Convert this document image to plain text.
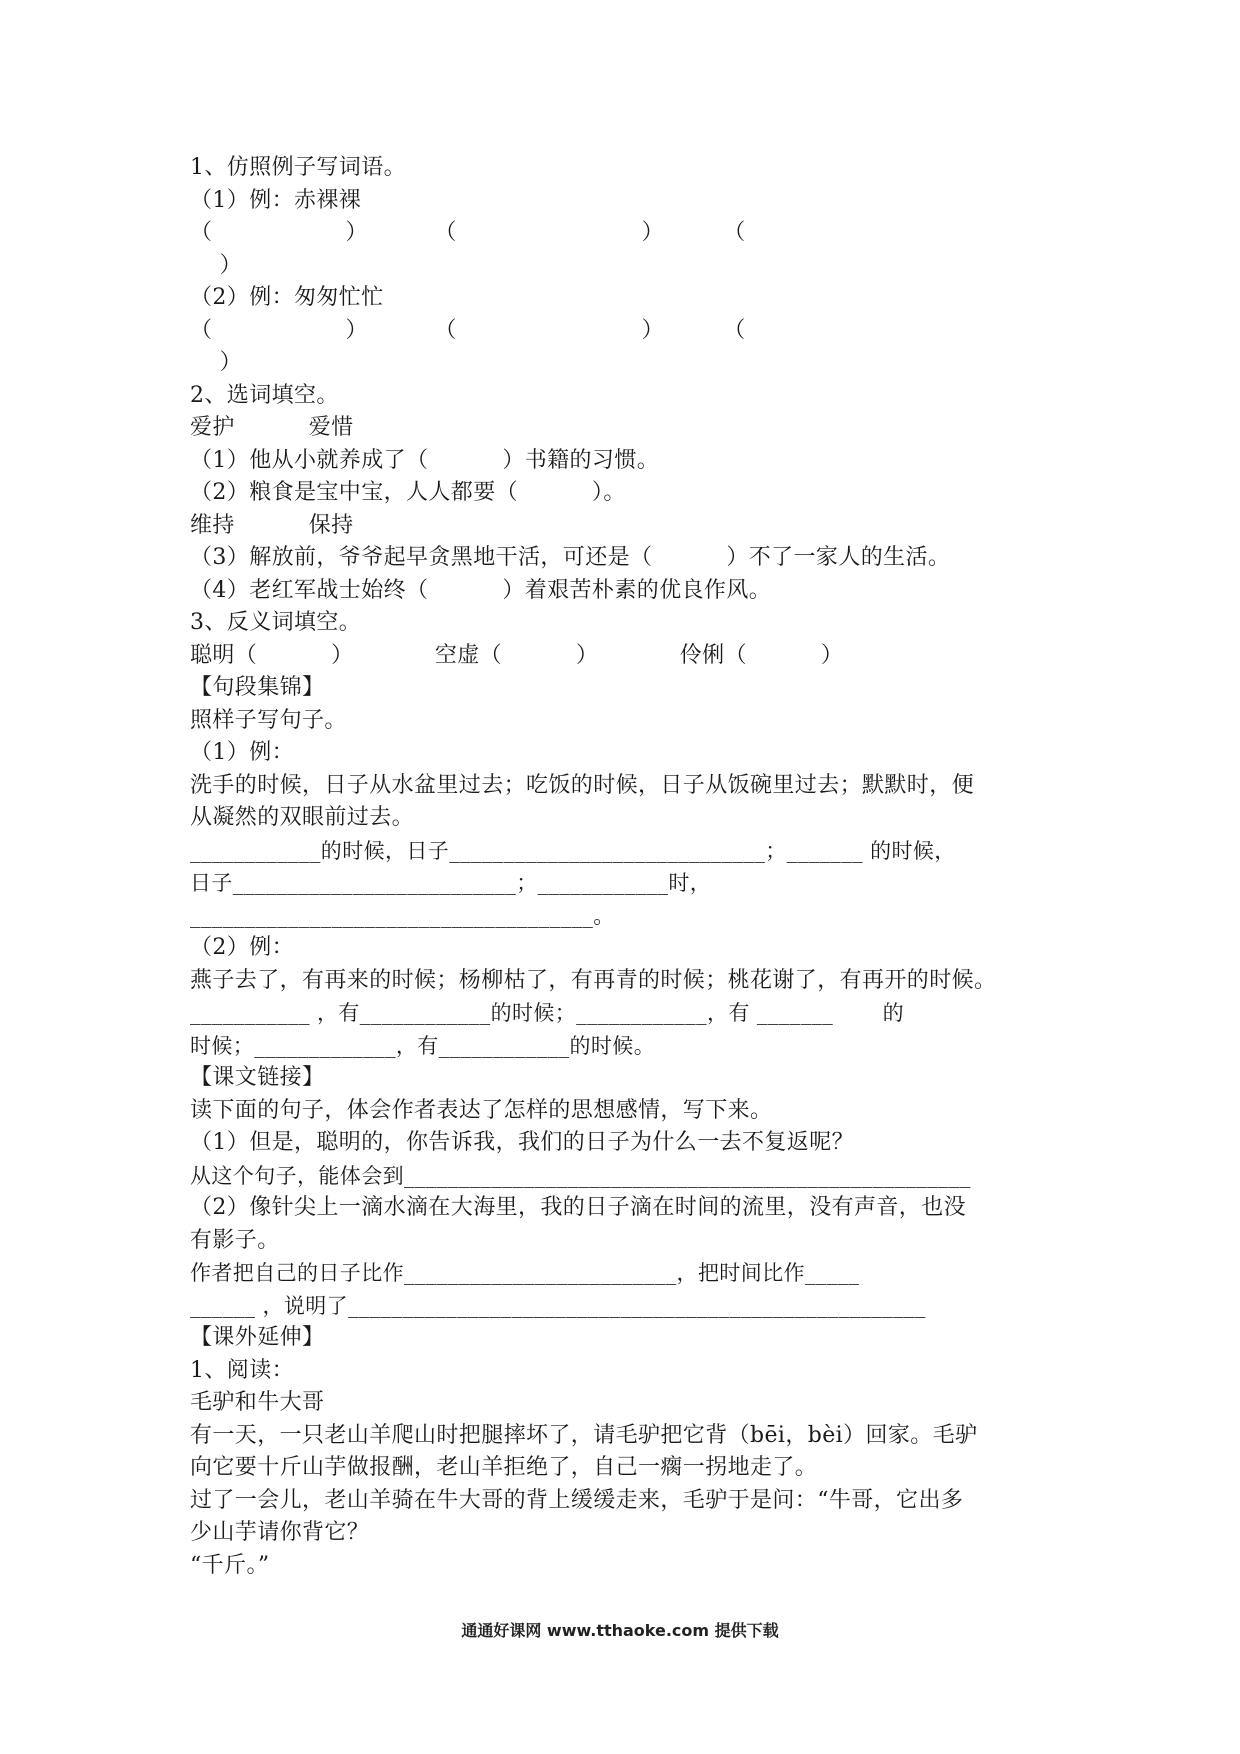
1、仿照例子写词语。
（1）例：赤裸裸
（                  ）         （                         ）        （
）
（2）例：匆匆忙忙
（                  ）         （                         ）        （
）
2、选词填空。
爱护          爱惜
（1）他从小就养成了（          ）书籍的习惯。
（2）粮食是宝中宝，人人都要（          ）。
维持          保持
（3）解放前，爷爷起早贪黑地干活，可还是（          ）不了一家人的生活。
（4）老红军战士始终（          ）着艰苦朴素的优良作风。
3、反义词填空。
聪明（          ）           空虚（          ）           伶俐（          ）
【句段集锦】
照样子写句子。
（1）例：
洗手的时候，日子从水盆里过去；吃饭的时候，日子从饭碗里过去；默默时，便
从凝然的双眼前过去。
____________的时候，日子_____________________________；_______ 的时候，
日子__________________________；____________时，
_____________________________________。
（2）例：
燕子去了，有再来的时候；杨柳枯了，有再青的时候；桃花谢了，有再开的时候。
___________ ，有____________的时候；____________，有 _______       的
时候；_____________，有____________的时候。
【课文链接】
读下面的句子，体会作者表达了怎样的思想感情，写下来。
（1）但是，聪明的，你告诉我，我们的日子为什么一去不复返呢？
从这个句子，能体会到____________________________________________________
（2）像针尖上一滴水滴在大海里，我的日子滴在时间的流里，没有声音，也没
有影子。
作者把自己的日子比作_________________________，把时间比作_____
______ ，说明了_____________________________________________________
【课外延伸】
1、阅读：
毛驴和牛大哥
有一天，一只老山羊爬山时把腿摔坏了，请毛驴把它背（bēi，bèi）回家。毛驴
向它要十斤山芋做报酬，老山羊拒绝了，自己一瘸一拐地走了。
过了一会儿，老山羊骑在牛大哥的背上缓缓走来，毛驴于是问：“牛哥，它出多
少山芋请你背它？
“千斤。”
通通好课网 www.tthaoke.com 提供下载
